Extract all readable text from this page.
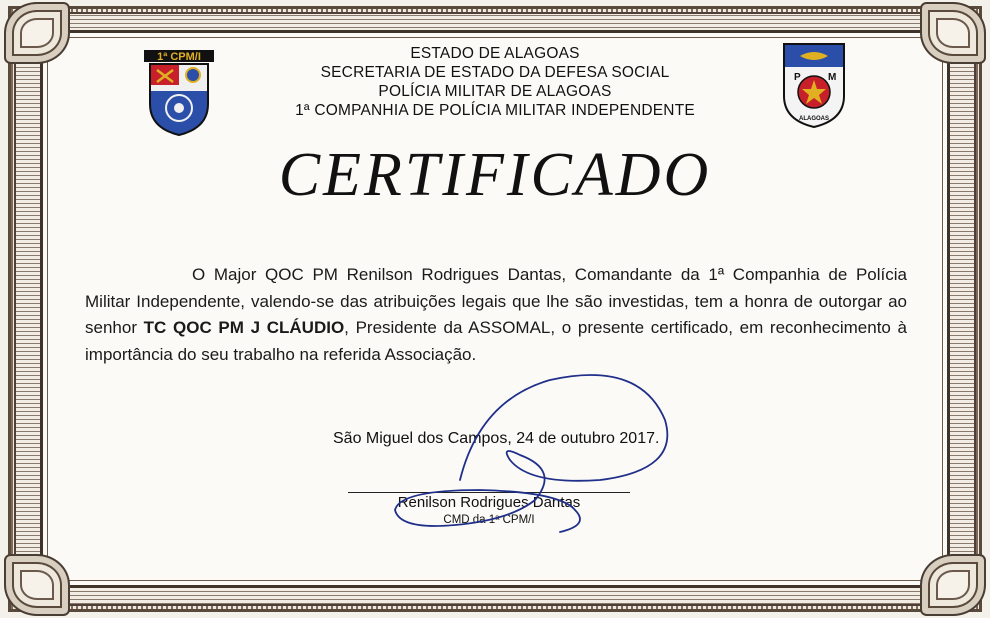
1ª CPM/I
P	M
ALAGOAS
ESTADO DE ALAGOAS
SECRETARIA DE ESTADO DA DEFESA SOCIAL
POLÍCIA MILITAR DE ALAGOAS
1ª COMPANHIA DE POLÍCIA MILITAR INDEPENDENTE
CERTIFICADO
O Major QOC PM Renilson Rodrigues Dantas, Comandante da 1ª Companhia de Polícia Militar Independente, valendo-se das atribuições legais que lhe são investidas, tem a honra de outorgar ao senhor TC QOC PM J CLÁUDIO, Presidente da ASSOMAL, o presente certificado, em reconhecimento à importância do seu trabalho na referida Associação.
São Miguel dos Campos, 24 de outubro 2017.
Renilson Rodrigues Dantas
CMD da 1ª CPM/I
